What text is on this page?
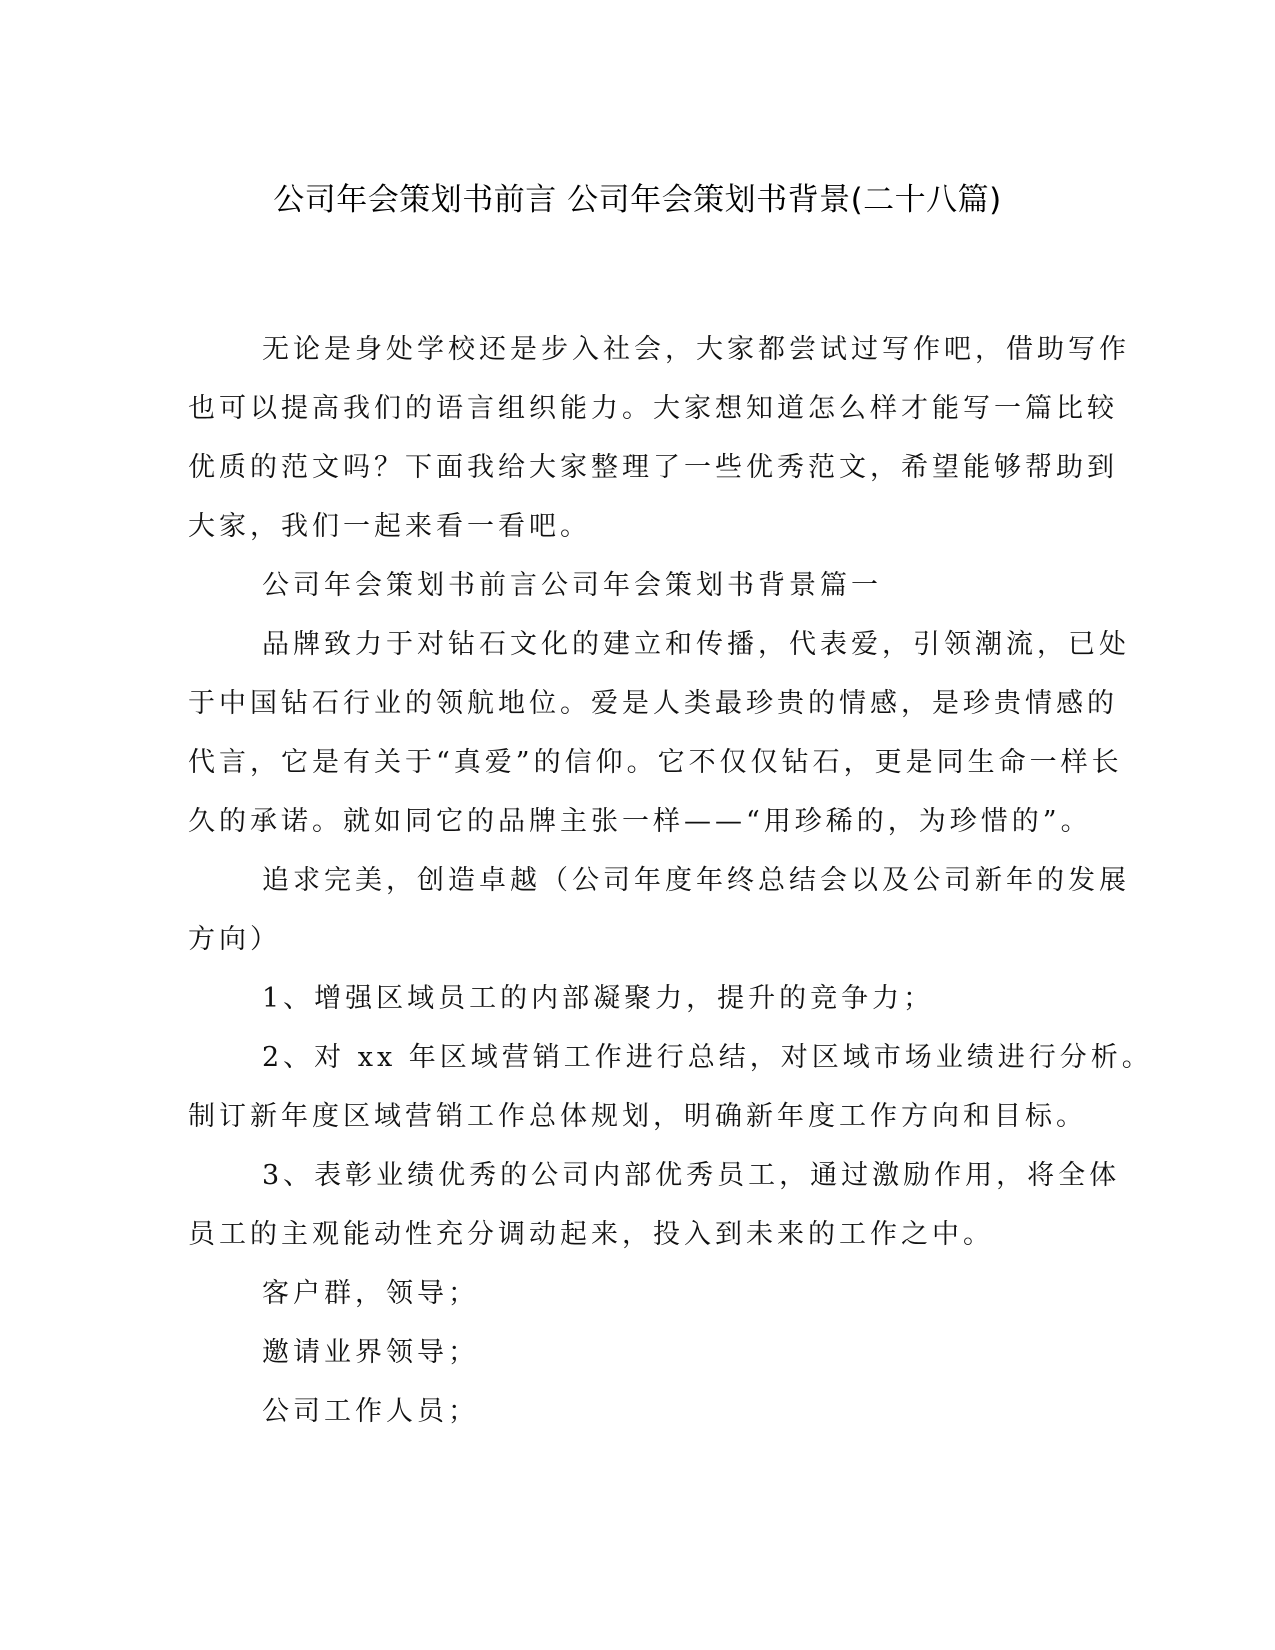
公司年会策划书前言 公司年会策划书背景(二十八篇)

无论是身处学校还是步入社会，大家都尝试过写作吧，借助写作

也可以提高我们的语言组织能力。大家想知道怎么样才能写一篇比较

优质的范文吗？下面我给大家整理了一些优秀范文，希望能够帮助到

大家，我们一起来看一看吧。

公司年会策划书前言公司年会策划书背景篇一

品牌致力于对钻石文化的建立和传播，代表爱，引领潮流，已处

于中国钻石行业的领航地位。爱是人类最珍贵的情感，是珍贵情感的

代言，它是有关于“真爱”的信仰。它不仅仅钻石，更是同生命一样长

久的承诺。就如同它的品牌主张一样——“用珍稀的，为珍惜的”。

追求完美，创造卓越（公司年度年终总结会以及公司新年的发展

方向）

1、增强区域员工的内部凝聚力，提升的竞争力；

2、对 xx 年区域营销工作进行总结，对区域市场业绩进行分析。

制订新年度区域营销工作总体规划，明确新年度工作方向和目标。

3、表彰业绩优秀的公司内部优秀员工，通过激励作用，将全体

员工的主观能动性充分调动起来，投入到未来的工作之中。

客户群，领导；

邀请业界领导；

公司工作人员；
